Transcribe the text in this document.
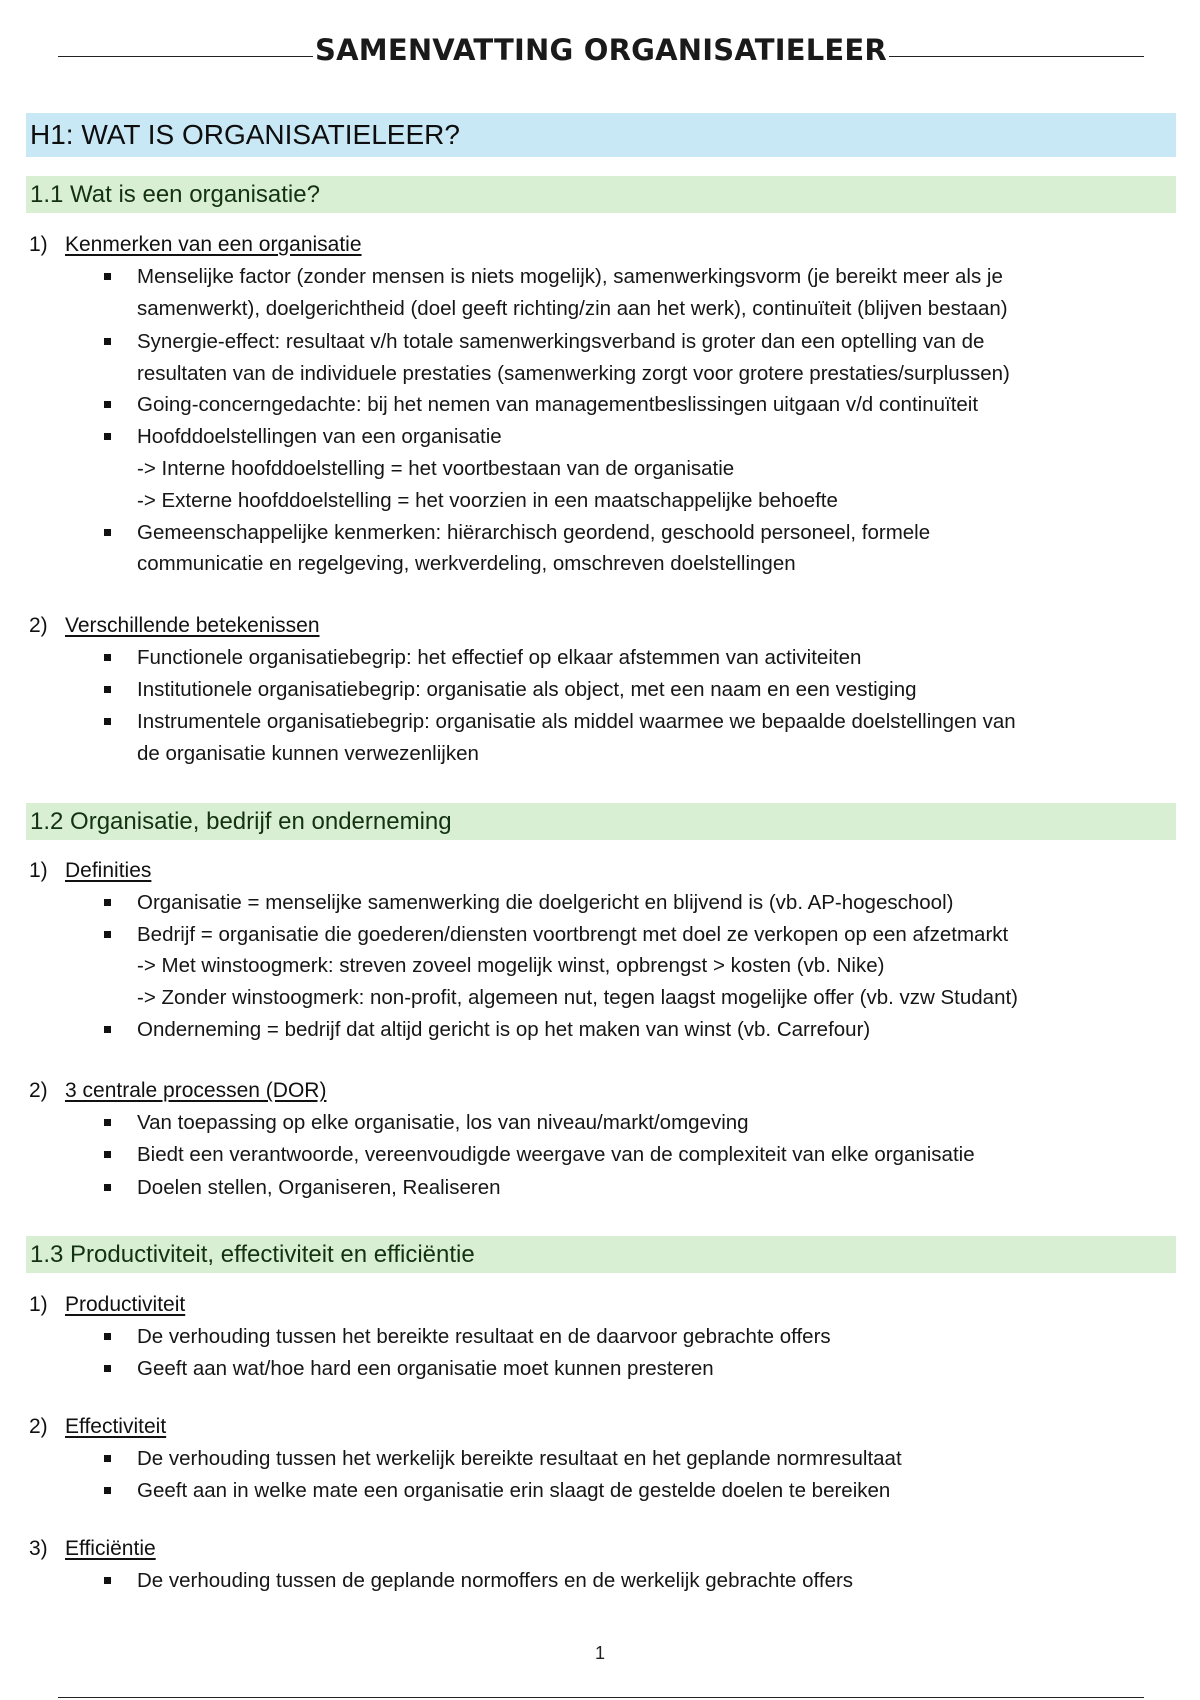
SAMENVATTING ORGANISATIELEER
H1: WAT IS ORGANISATIELEER?
1.1 Wat is een organisatie?
1) Kenmerken van een organisatie
Menselijke factor (zonder mensen is niets mogelijk), samenwerkingsvorm (je bereikt meer als je
samenwerkt), doelgerichtheid (doel geeft richting/zin aan het werk), continuïteit (blijven bestaan)
Synergie-effect: resultaat v/h totale samenwerkingsverband is groter dan een optelling van de
resultaten van de individuele prestaties (samenwerking zorgt voor grotere prestaties/surplussen)
Going-concerngedachte: bij het nemen van managementbeslissingen uitgaan v/d continuïteit
Hoofddoelstellingen van een organisatie
-> Interne hoofddoelstelling = het voortbestaan van de organisatie
-> Externe hoofddoelstelling = het voorzien in een maatschappelijke behoefte
Gemeenschappelijke kenmerken: hiërarchisch geordend, geschoold personeel, formele
communicatie en regelgeving, werkverdeling, omschreven doelstellingen
2) Verschillende betekenissen
Functionele organisatiebegrip: het effectief op elkaar afstemmen van activiteiten
Institutionele organisatiebegrip: organisatie als object, met een naam en een vestiging
Instrumentele organisatiebegrip: organisatie als middel waarmee we bepaalde doelstellingen van
de organisatie kunnen verwezenlijken
1.2 Organisatie, bedrijf en onderneming
1) Definities
Organisatie = menselijke samenwerking die doelgericht en blijvend is (vb. AP-hogeschool)
Bedrijf = organisatie die goederen/diensten voortbrengt met doel ze verkopen op een afzetmarkt
-> Met winstoogmerk: streven zoveel mogelijk winst, opbrengst > kosten (vb. Nike)
-> Zonder winstoogmerk: non-profit, algemeen nut, tegen laagst mogelijke offer (vb. vzw Studant)
Onderneming = bedrijf dat altijd gericht is op het maken van winst (vb. Carrefour)
2) 3 centrale processen (DOR)
Van toepassing op elke organisatie, los van niveau/markt/omgeving
Biedt een verantwoorde, vereenvoudigde weergave van de complexiteit van elke organisatie
Doelen stellen, Organiseren, Realiseren
1.3 Productiviteit, effectiviteit en efficiëntie
1) Productiviteit
De verhouding tussen het bereikte resultaat en de daarvoor gebrachte offers
Geeft aan wat/hoe hard een organisatie moet kunnen presteren
2) Effectiviteit
De verhouding tussen het werkelijk bereikte resultaat en het geplande normresultaat
Geeft aan in welke mate een organisatie erin slaagt de gestelde doelen te bereiken
3) Efficiëntie
De verhouding tussen de geplande normoffers en de werkelijk gebrachte offers
1
